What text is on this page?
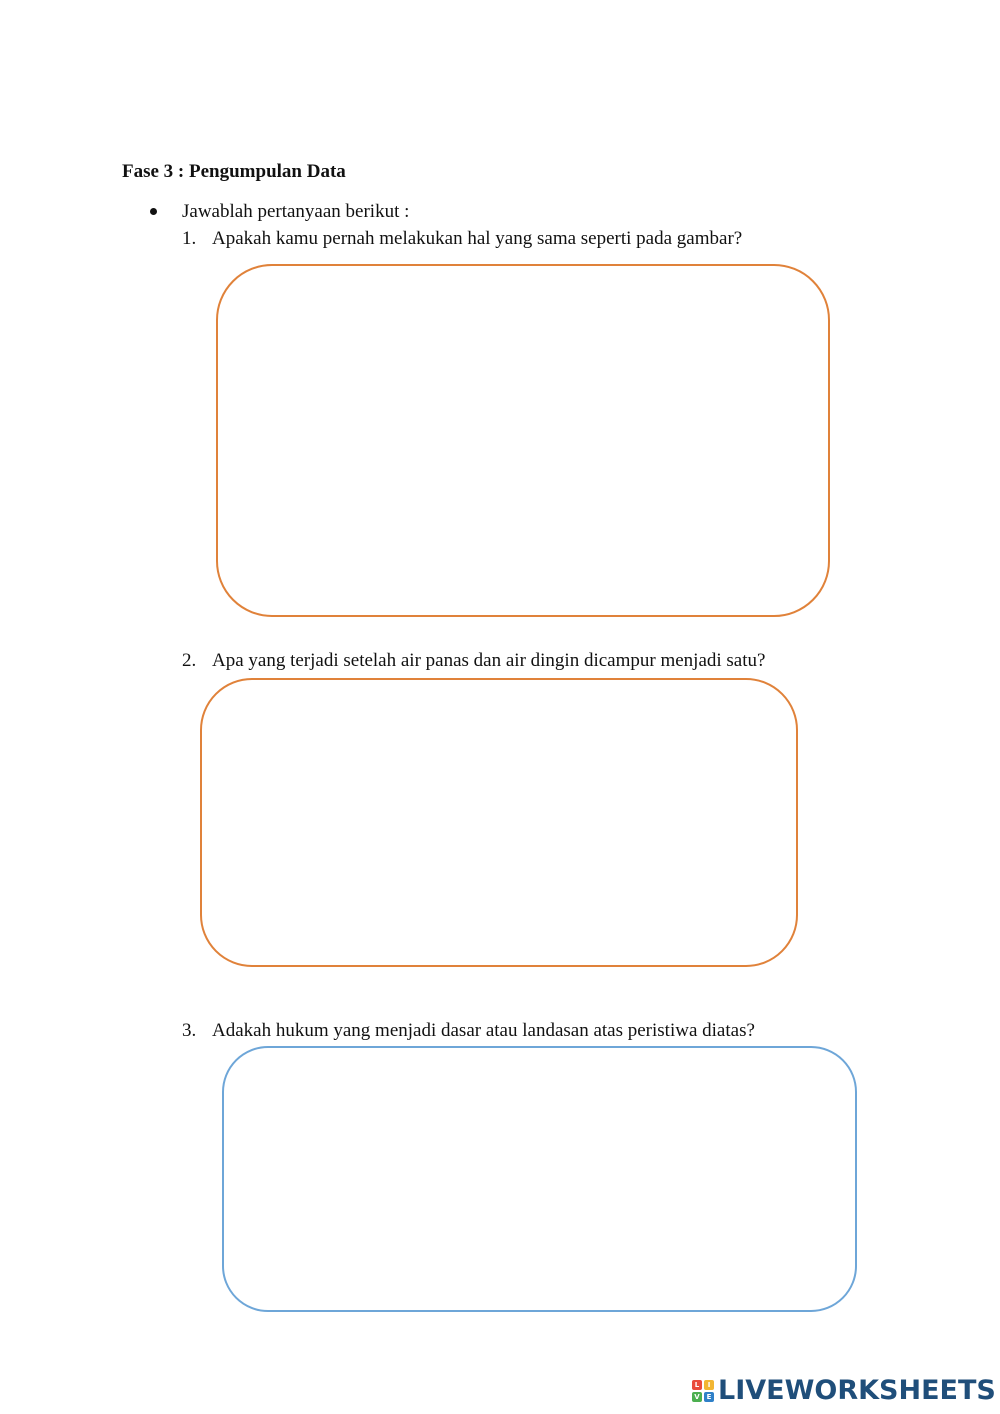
Fase 3 : Pengumpulan Data
Jawablah pertanyaan berikut :
1. Apakah kamu pernah melakukan hal yang sama seperti pada gambar?
2. Apa yang terjadi setelah air panas dan air dingin dicampur menjadi satu?
3. Adakah hukum yang menjadi dasar atau landasan atas peristiwa diatas?
L	I
V E LIVEWORKSHEETS
